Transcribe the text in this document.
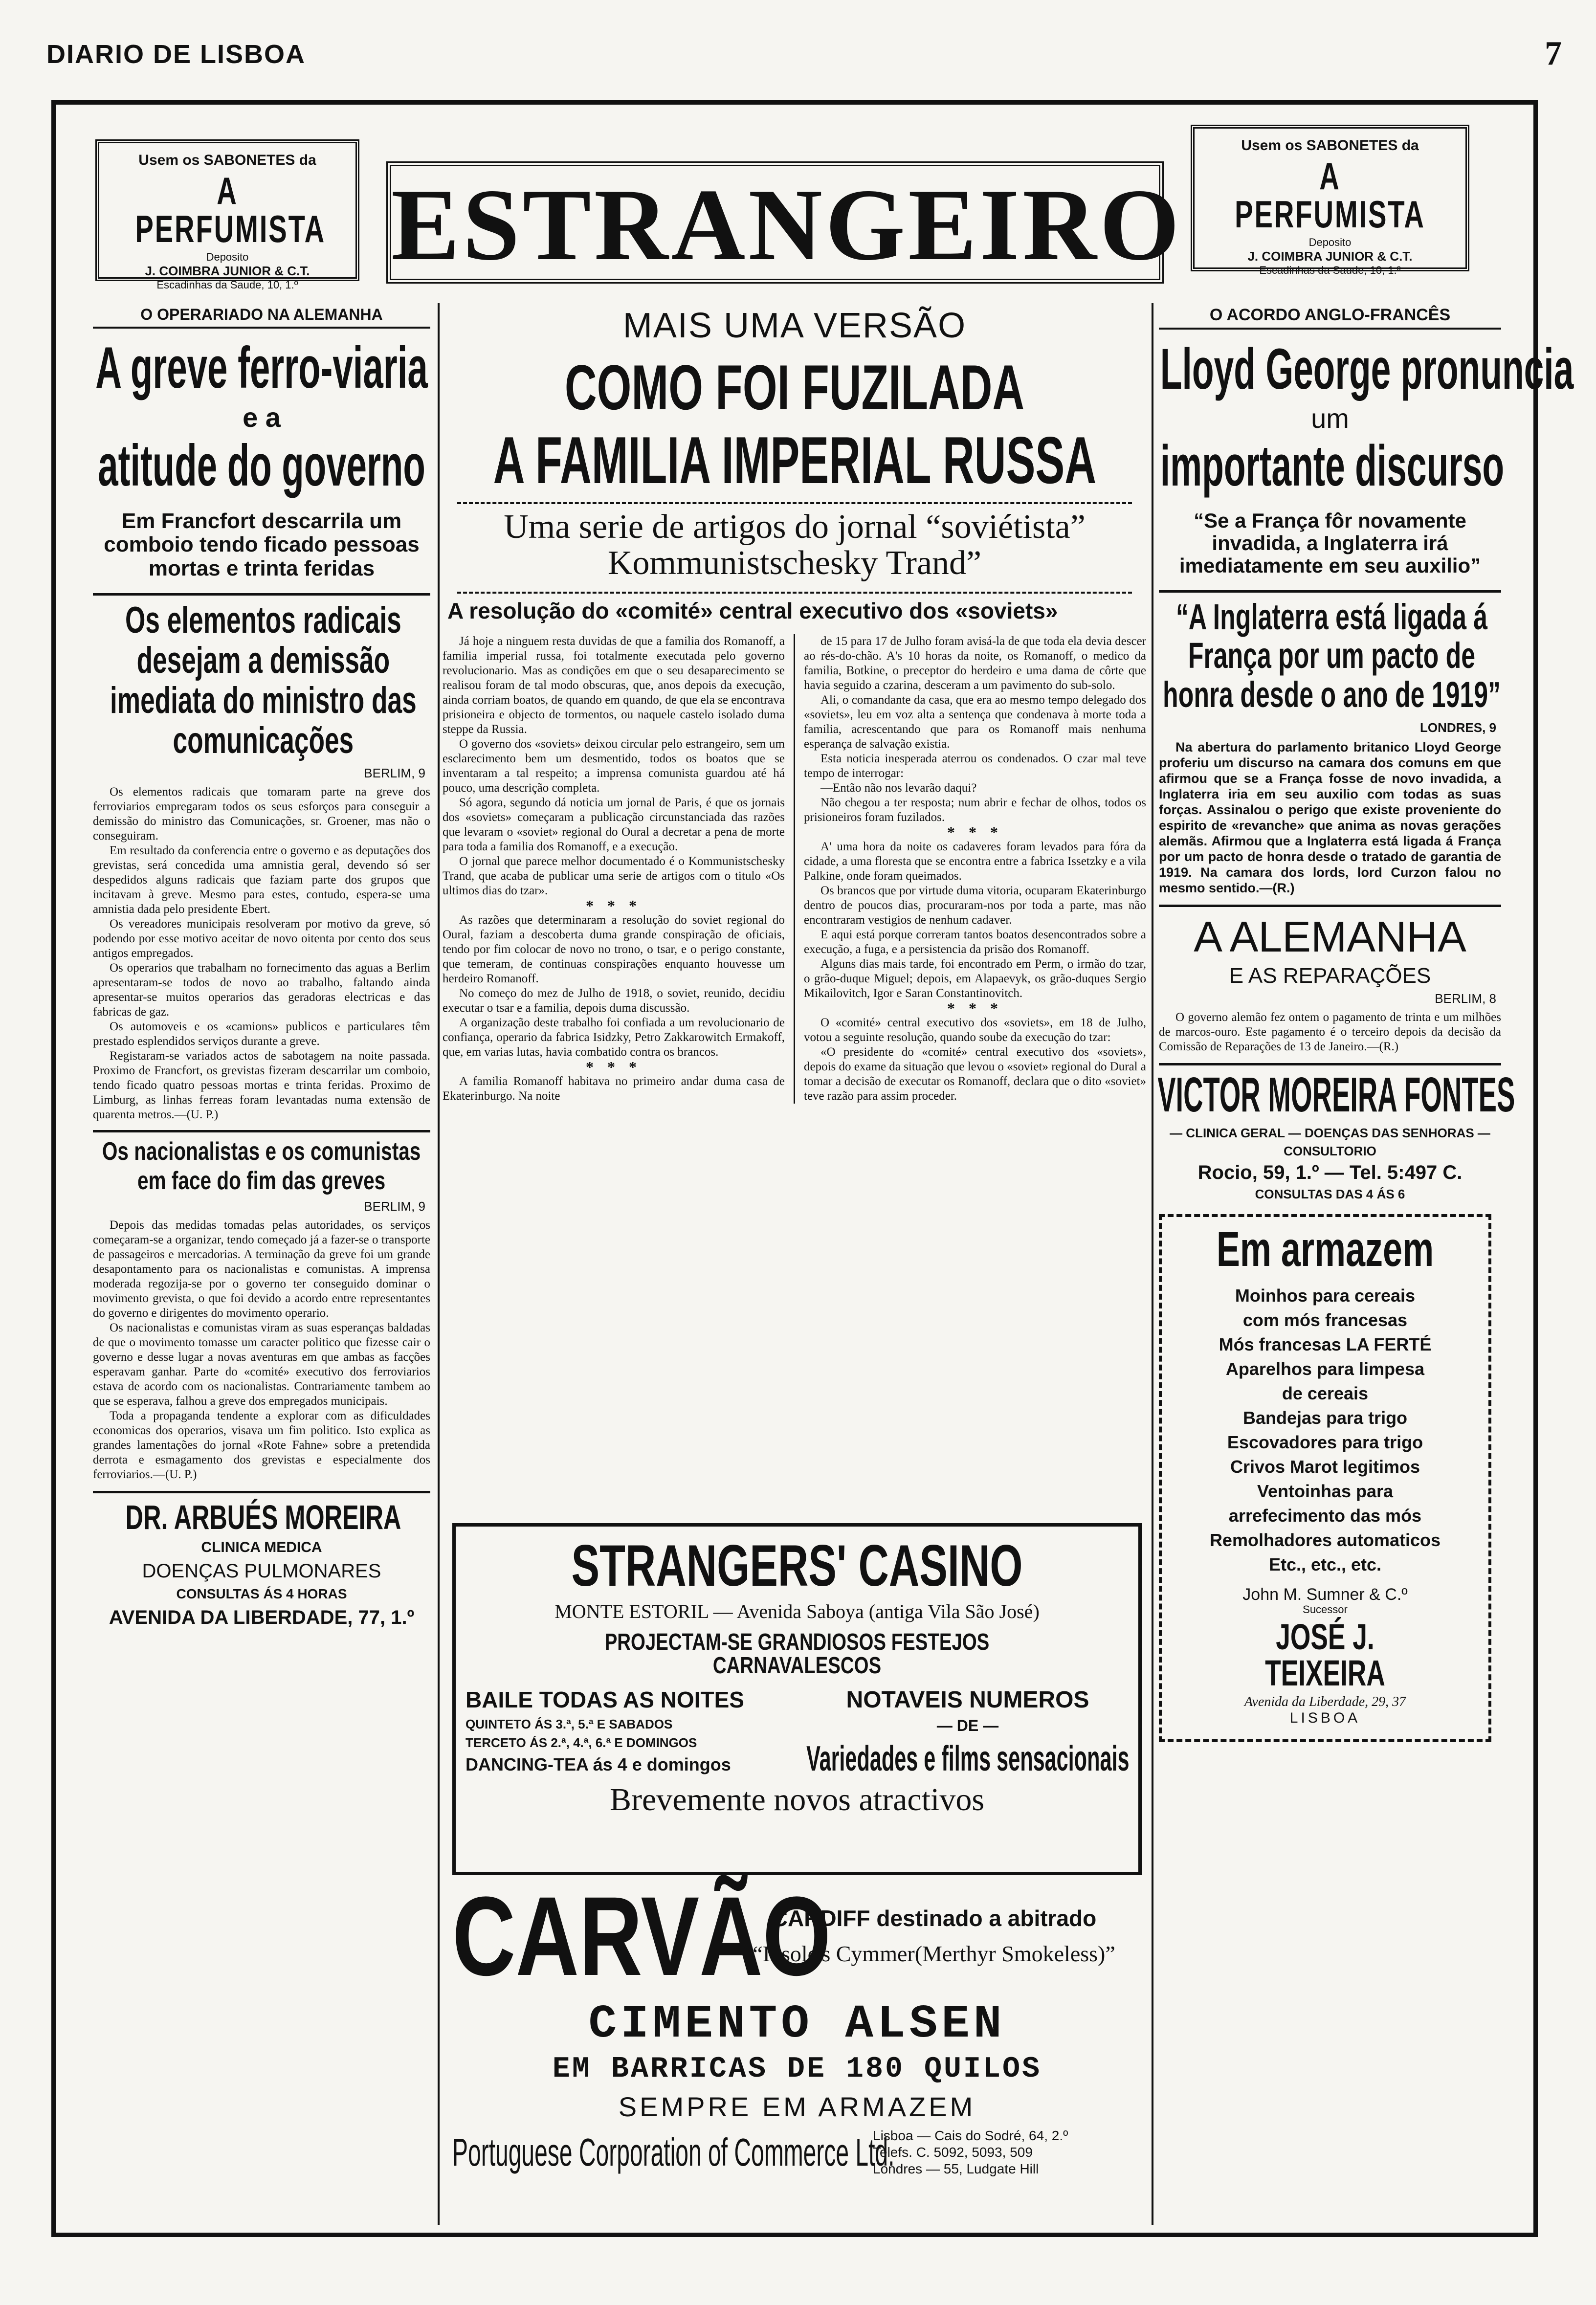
DIARIO DE LISBOA	7
Usem os SABONETES da
A PERFUMISTA
Deposito
J. COIMBRA JUNIOR & C.T.
Escadinhas da Saude, 10, 1.º
ESTRANGEIRO
Usem os SABONETES da
A PERFUMISTA
Deposito
J. COIMBRA JUNIOR & C.T.
Escadinhas da Saude, 10, 1.º
O OPERARIADO NA ALEMANHA
A greve ferro-viaria
e a
atitude do governo
Em Francfort descarrila um comboio tendo ficado pessoas mortas e trinta feridas
Os elementos radicais desejam a demissão imediata do ministro das comunicações
BERLIM, 9

Os elementos radicais que tomaram parte na greve dos ferroviarios empregaram todos os seus esforços para conseguir a demissão do ministro das Comunicações, sr. Groener, mas não o conseguiram.

Em resultado da conferencia entre o governo e as deputações dos grevistas, será concedida uma amnistia geral, devendo só ser despedidos alguns radicais que faziam parte dos grupos que incitavam à greve. Mesmo para estes, contudo, espera-se uma amnistia dada pelo presidente Ebert.

Os vereadores municipais resolveram por motivo da greve, só podendo por esse motivo aceitar de novo oitenta por cento dos seus antigos empregados.

Os operarios que trabalham no fornecimento das aguas a Berlim apresentaram-se todos de novo ao trabalho, faltando ainda apresentar-se muitos operarios das geradoras electricas e das fabricas de gaz.

Os automoveis e os «camions» publicos e particulares têm prestado esplendidos serviços durante a greve.

Registaram-se variados actos de sabotagem na noite passada. Proximo de Francfort, os grevistas fizeram descarrilar um comboio, tendo ficado quatro pessoas mortas e trinta feridas. Proximo de Limburg, as linhas ferreas foram levantadas numa extensão de quarenta metros.—(U. P.)

Os nacionalistas e os comunistas em face do fim das greves
BERLIM, 9

Depois das medidas tomadas pelas autoridades, os serviços começaram-se a organizar, tendo começado já a fazer-se o transporte de passageiros e mercadorias. A terminação da greve foi um grande desapontamento para os nacionalistas e comunistas. A imprensa moderada regozija-se por o governo ter conseguido dominar o movimento grevista, o que foi devido a acordo entre representantes do governo e dirigentes do movimento operario.

Os nacionalistas e comunistas viram as suas esperanças baldadas de que o movimento tomasse um caracter politico que fizesse cair o governo e desse lugar a novas aventuras em que ambas as facções esperavam ganhar. Parte do «comité» executivo dos ferroviarios estava de acordo com os nacionalistas. Contrariamente tambem ao que se esperava, falhou a greve dos empregados municipais.

Toda a propaganda tendente a explorar com as dificuldades economicas dos operarios, visava um fim politico. Isto explica as grandes lamentações do jornal «Rote Fahne» sobre a pretendida derrota e esmagamento dos grevistas e especialmente dos ferroviarios.—(U. P.)

DR. ARBUÉS MOREIRA
CLINICA MEDICA
DOENÇAS PULMONARES
CONSULTAS ÁS 4 HORAS
AVENIDA DA LIBERDADE, 77, 1.º
MAIS UMA VERSÃO
COMO FOI FUZILADA
A FAMILIA IMPERIAL RUSSA
Uma serie de artigos do jornal “soviétista” Kommunistschesky Trand”
A resolução do «comité» central executivo dos «soviets»

Já hoje a ninguem resta duvidas de que a familia dos Romanoff, a familia imperial russa, foi totalmente executada pelo governo revolucionario. Mas as condições em que o seu desaparecimento se realisou foram de tal modo obscuras, que, anos depois da execução, ainda corriam boatos, de quando em quando, de que ela se encontrava prisioneira e objecto de tormentos, ou naquele castelo isolado duma steppe da Russia.

O governo dos «soviets» deixou circular pelo estrangeiro, sem um esclarecimento bem um desmentido, todos os boatos que se inventaram a tal respeito; a imprensa comunista guardou até há pouco, uma descrição completa.

Só agora, segundo dá noticia um jornal de Paris, é que os jornais dos «soviets» começaram a publicação circunstanciada das razões que levaram o «soviet» regional do Oural a decretar a pena de morte para toda a familia dos Romanoff, e a execução.

O jornal que parece melhor documentado é o Kommunistschesky Trand, que acaba de publicar uma serie de artigos com o titulo «Os ultimos dias do tzar».

* * *

As razões que determinaram a resolução do soviet regional do Oural, faziam a descoberta duma grande conspiração de oficiais, tendo por fim colocar de novo no trono, o tsar, e o perigo constante, que temeram, de continuas conspirações enquanto houvesse um herdeiro Romanoff.

No começo do mez de Julho de 1918, o soviet, reunido, decidiu executar o tsar e a familia, depois duma discussão.

A organização deste trabalho foi confiada a um revolucionario de confiança, operario da fabrica Isidzky, Petro Zakkarowitch Ermakoff, que, em varias lutas, havia combatido contra os brancos.

* * *

A familia Romanoff habitava no primeiro andar duma casa de Ekaterinburgo. Na noite

de 15 para 17 de Julho foram avisá-la de que toda ela devia descer ao rés-do-chão. A's 10 horas da noite, os Romanoff, o medico da familia, Botkine, o preceptor do herdeiro e uma dama de côrte que havia seguido a czarina, desceram a um pavimento do sub-solo.

Ali, o comandante da casa, que era ao mesmo tempo delegado dos «soviets», leu em voz alta a sentença que condenava à morte toda a familia, acrescentando que para os Romanoff mais nenhuma esperança de salvação existia.

Esta noticia inesperada aterrou os condenados. O czar mal teve tempo de interrogar:

—Então não nos levarão daqui?

Não chegou a ter resposta; num abrir e fechar de olhos, todos os prisioneiros foram fuzilados.

* * *

A' uma hora da noite os cadaveres foram levados para fóra da cidade, a uma floresta que se encontra entre a fabrica Issetzky e a vila Palkine, onde foram queimados.

Os brancos que por virtude duma vitoria, ocuparam Ekaterinburgo dentro de poucos dias, procuraram-nos por toda a parte, mas não encontraram vestigios de nenhum cadaver.

E aqui está porque correram tantos boatos desencontrados sobre a execução, a fuga, e a persistencia da prisão dos Romanoff.

Alguns dias mais tarde, foi encontrado em Perm, o irmão do tzar, o grão-duque Miguel; depois, em Alapaevyk, os grão-duques Sergio Mikailovitch, Igor e Saran Constantinovitch.

* * *

O «comité» central executivo dos «soviets», em 18 de Julho, votou a seguinte resolução, quando soube da execução do tzar:

«O presidente do «comité» central executivo dos «soviets», depois do exame da situação que levou o «soviet» regional do Dural a tomar a decisão de executar os Romanoff, declara que o dito «soviet» teve razão para assim proceder.

STRANGERS' CASINO
MONTE ESTORIL — Avenida Saboya (antiga Vila São José)
PROJECTAM-SE GRANDIOSOS FESTEJOS CARNAVALESCOS
BAILE TODAS AS NOITES
QUINTETO ÁS 3.ª, 5.ª E SABADOS
TERCETO ÁS 2.ª, 4.ª, 6.ª E DOMINGOS
DANCING-TEA ás 4 e domingos
NOTAVEIS NUMEROS
— DE —
Variedades e films sensacionais
Brevemente novos atractivos
CARVÃO
CARDIFF destinado a abitrado
“Insole's Cymmer(Merthyr Smokeless)”
CIMENTO ALSEN
EM BARRICAS DE 180 QUILOS
SEMPRE EM ARMAZEM
Portuguese Corporation of Commerce Ltd.
Lisboa — Cais do Sodré, 64, 2.º
Telefs. C. 5092, 5093, 509
Londres — 55, Ludgate Hill
O ACORDO ANGLO-FRANCÊS
Lloyd George pronuncia
um
importante discurso
“Se a França fôr novamente invadida, a Inglaterra irá imediatamente em seu auxilio”
“A Inglaterra está ligada á França por um pacto de honra desde o ano de 1919”
LONDRES, 9
Na abertura do parlamento britanico Lloyd George proferiu um discurso na camara dos comuns em que afirmou que se a França fosse de novo invadida, a Inglaterra iria em seu auxilio com todas as suas forças. Assinalou o perigo que existe proveniente do espirito de «revanche» que anima as novas gerações alemãs. Afirmou que a Inglaterra está ligada á França por um pacto de honra desde o tratado de garantia de 1919. Na camara dos lords, lord Curzon falou no mesmo sentido.—(R.)
A ALEMANHA
E AS REPARAÇÕES
BERLIM, 8
O governo alemão fez ontem o pagamento de trinta e um milhões de marcos-ouro. Este pagamento é o terceiro depois da decisão da Comissão de Reparações de 13 de Janeiro.—(R.)
VICTOR MOREIRA FONTES
— CLINICA GERAL — DOENÇAS DAS SENHORAS —
CONSULTORIO
Rocio, 59, 1.º — Tel. 5:497 C.
CONSULTAS DAS 4 ÁS 6
Em armazem
Moinhos para cereais
com mós francesas
Mós francesas LA FERTÉ
Aparelhos para limpesa
de cereais
Bandejas para trigo
Escovadores para trigo
Crivos Marot legitimos
Ventoinhas para
arrefecimento das mós
Remolhadores automaticos
Etc., etc., etc.
John M. Sumner & C.º
Sucessor
JOSÉ J. TEIXEIRA
Avenida da Liberdade, 29, 37
LISBOA
